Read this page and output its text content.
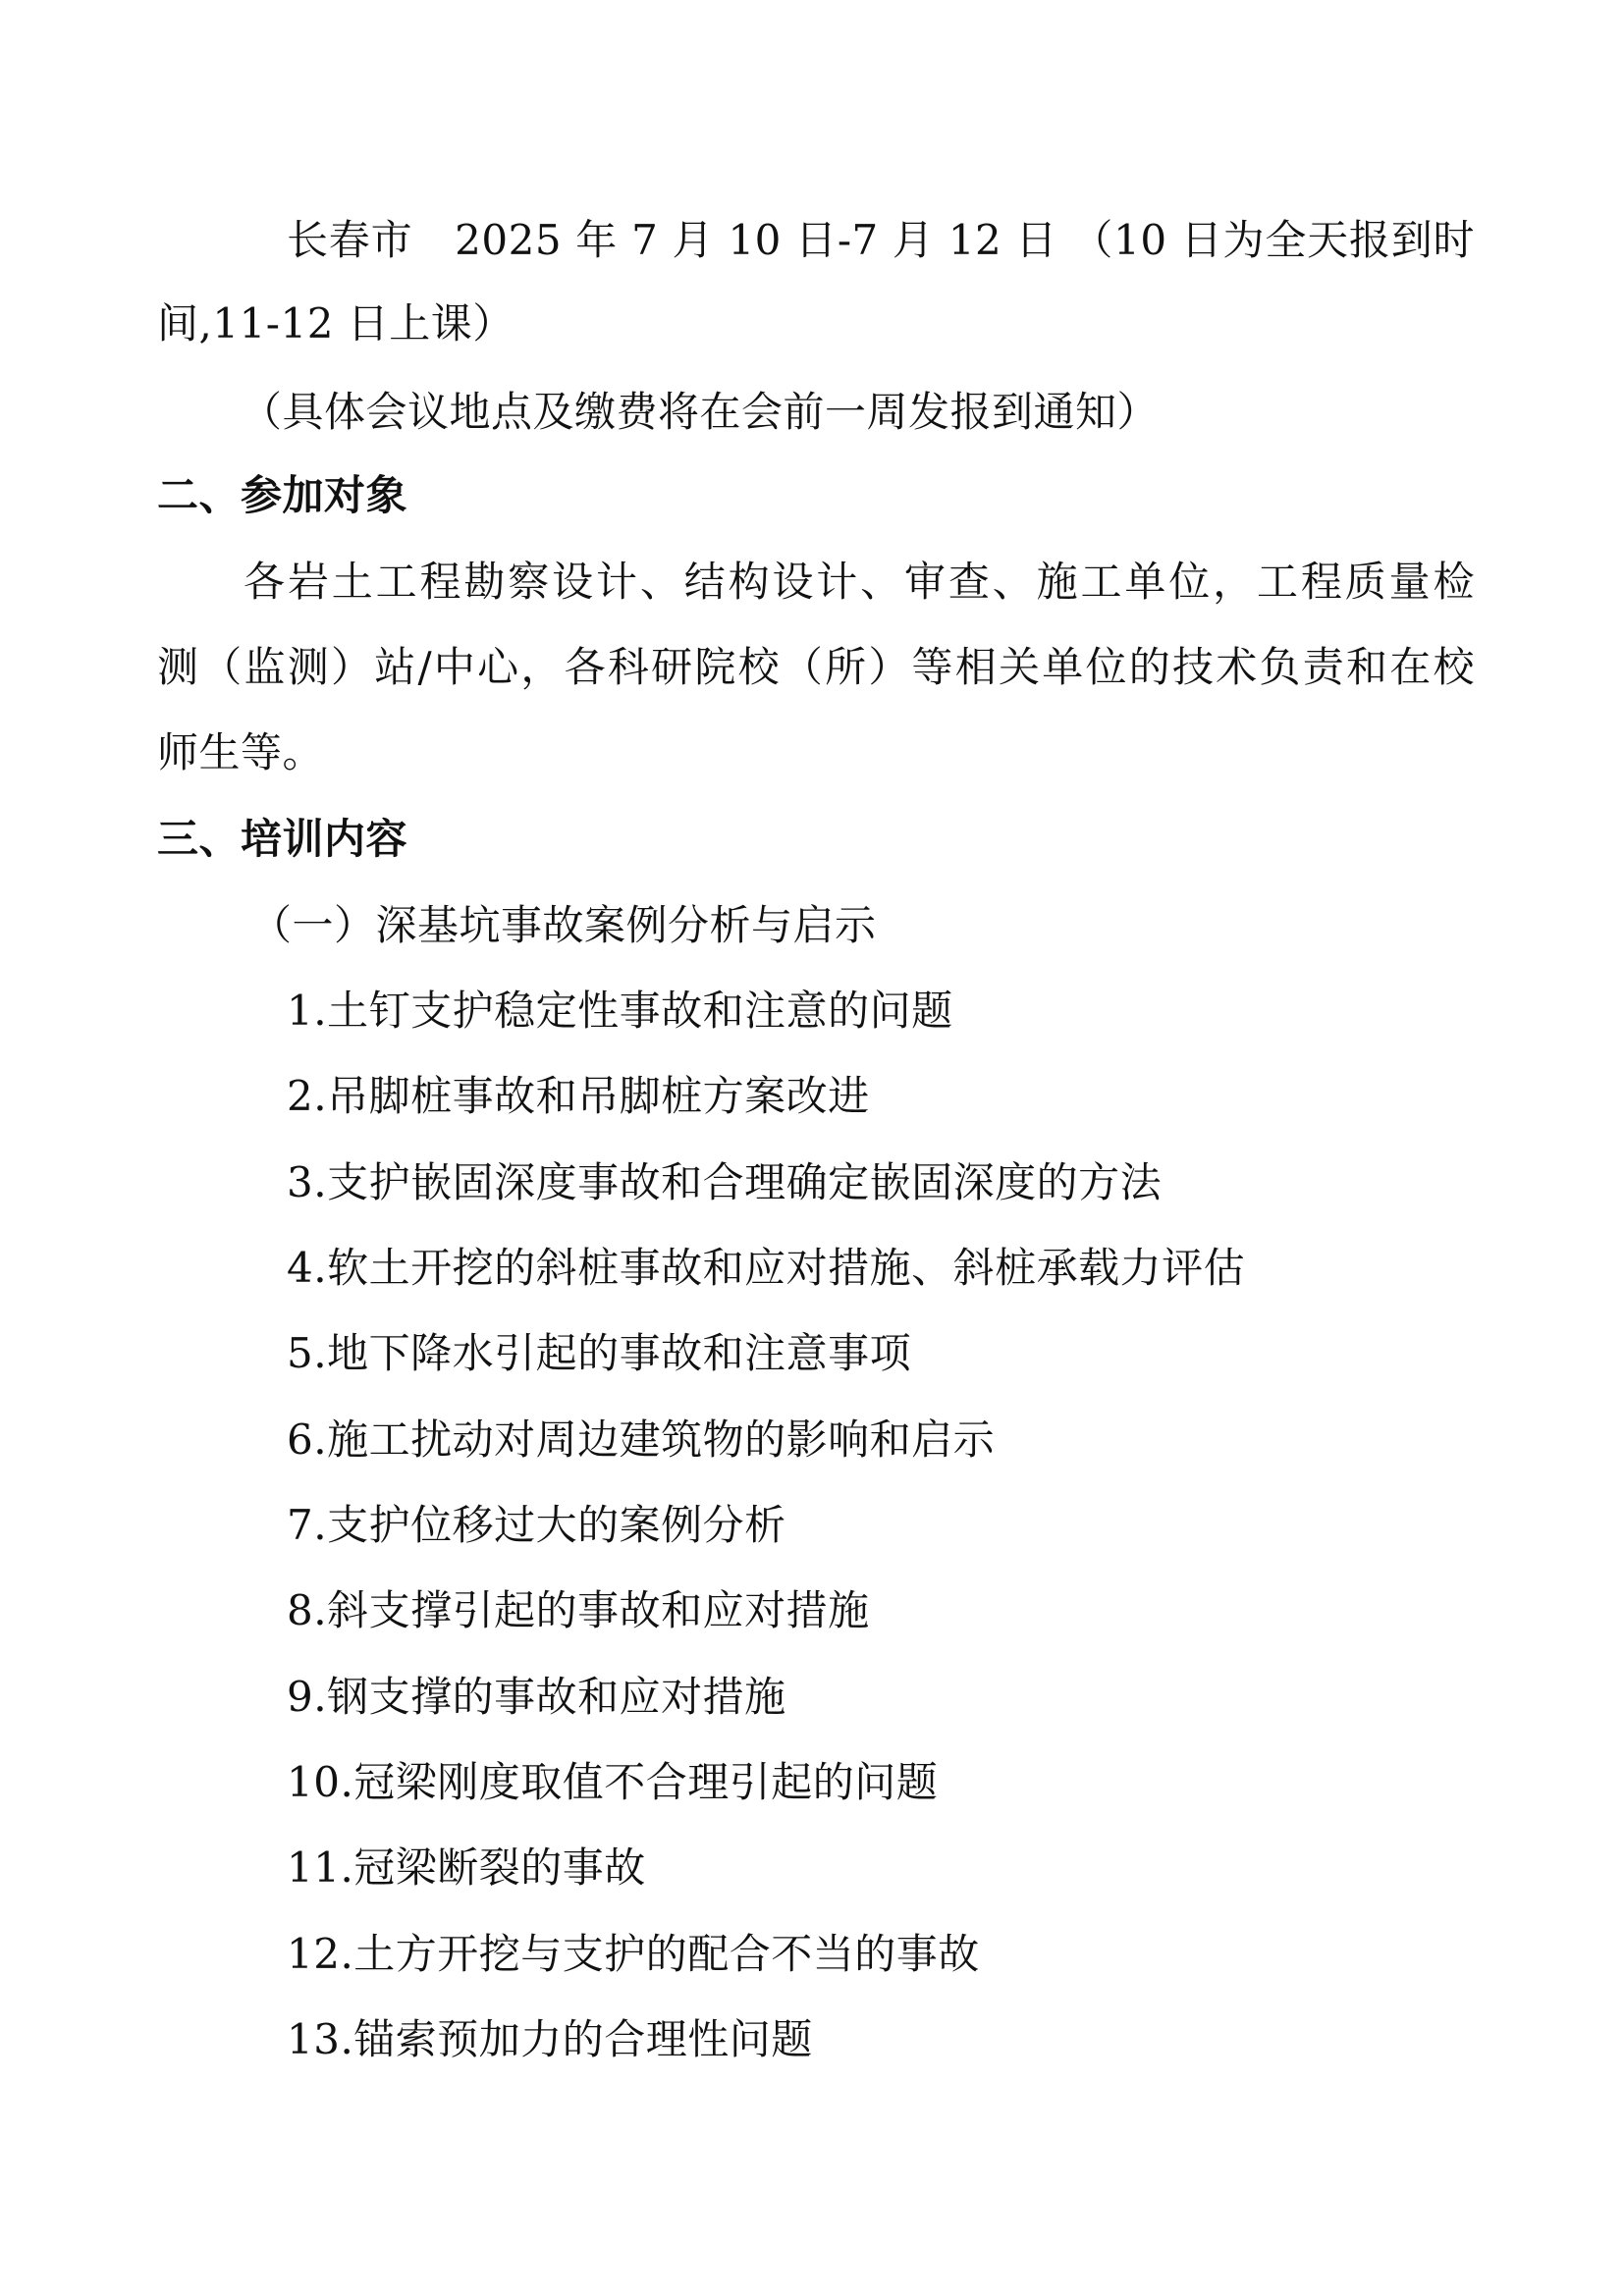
长春市　2025 年 7 月 10 日-7 月 12 日 （10 日为全天报到时
间,11-12 日上课）
（具体会议地点及缴费将在会前一周发报到通知）
二、参加对象
各岩土工程勘察设计、结构设计、审查、施工单位，工程质量检
测（监测）站/中心，各科研院校（所）等相关单位的技术负责和在校
师生等。
三、培训内容
（一）深基坑事故案例分析与启示
1.土钉支护稳定性事故和注意的问题
2.吊脚桩事故和吊脚桩方案改进
3.支护嵌固深度事故和合理确定嵌固深度的方法
4.软土开挖的斜桩事故和应对措施、斜桩承载力评估
5.地下降水引起的事故和注意事项
6.施工扰动对周边建筑物的影响和启示
7.支护位移过大的案例分析
8.斜支撑引起的事故和应对措施
9.钢支撑的事故和应对措施
10.冠梁刚度取值不合理引起的问题
11.冠梁断裂的事故
12.土方开挖与支护的配合不当的事故
13.锚索预加力的合理性问题
